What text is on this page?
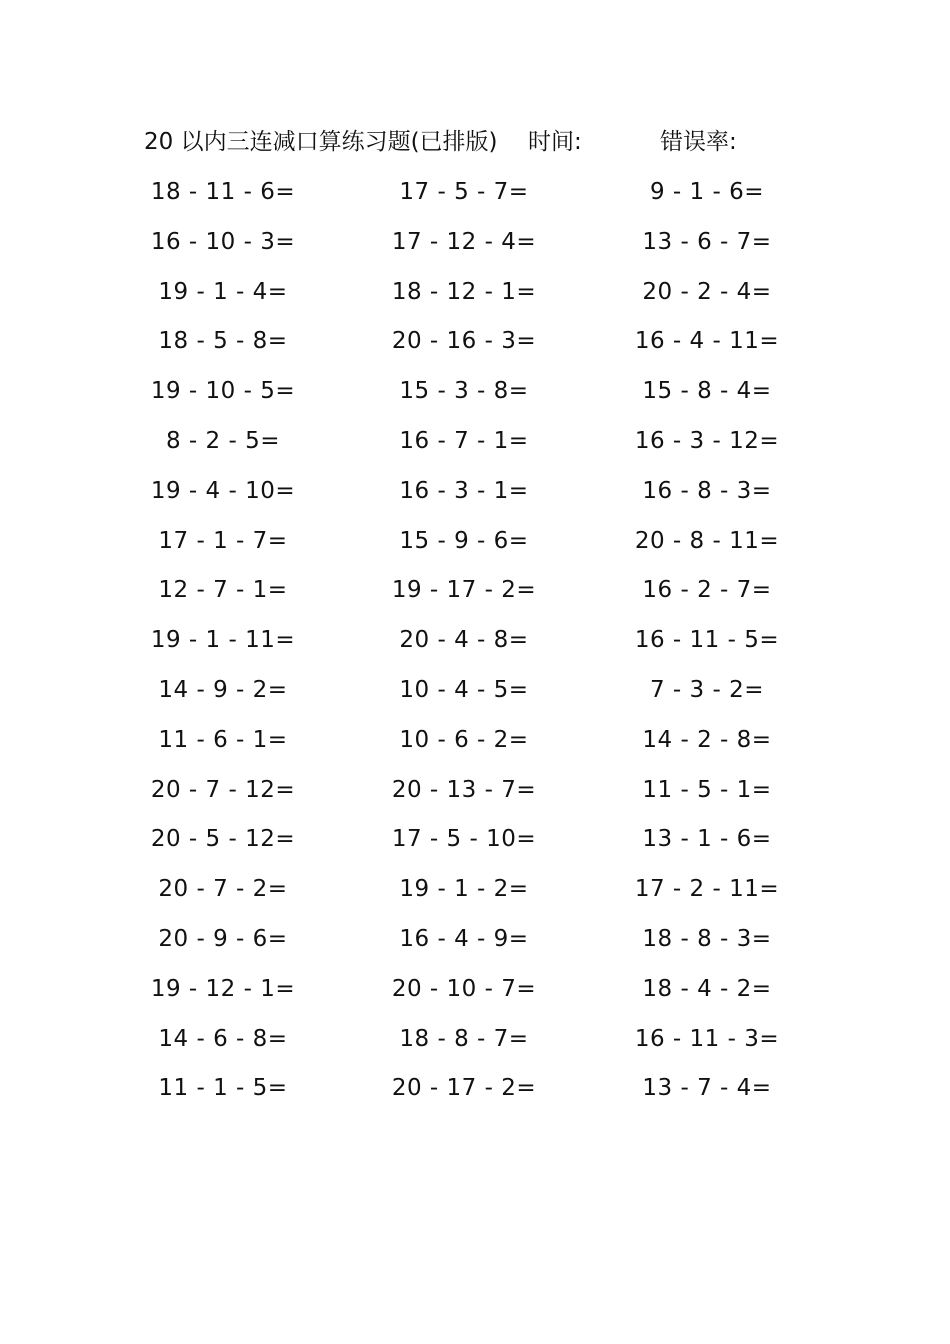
20 以内三连减口算练习题(已排版) 时间:	错误率:
18 - 11 - 6=	17 - 5 - 7=	9 - 1 - 6=
16 - 10 - 3=	17 - 12 - 4=	13 - 6 - 7=
19 - 1 - 4=	18 - 12 - 1=	20 - 2 - 4=
18 - 5 - 8=	20 - 16 - 3=	16 - 4 - 11=
19 - 10 - 5=	15 - 3 - 8=	15 - 8 - 4=
8 - 2 - 5=	16 - 7 - 1=	16 - 3 - 12=
19 - 4 - 10=	16 - 3 - 1=	16 - 8 - 3=
17 - 1 - 7=	15 - 9 - 6=	20 - 8 - 11=
12 - 7 - 1=	19 - 17 - 2=	16 - 2 - 7=
19 - 1 - 11=	20 - 4 - 8=	16 - 11 - 5=
14 - 9 - 2=	10 - 4 - 5=	7 - 3 - 2=
11 - 6 - 1=	10 - 6 - 2=	14 - 2 - 8=
20 - 7 - 12=	20 - 13 - 7=	11 - 5 - 1=
20 - 5 - 12=	17 - 5 - 10=	13 - 1 - 6=
20 - 7 - 2=	19 - 1 - 2=	17 - 2 - 11=
20 - 9 - 6=	16 - 4 - 9=	18 - 8 - 3=
19 - 12 - 1=	20 - 10 - 7=	18 - 4 - 2=
14 - 6 - 8=	18 - 8 - 7=	16 - 11 - 3=
11 - 1 - 5=	20 - 17 - 2=	13 - 7 - 4=
